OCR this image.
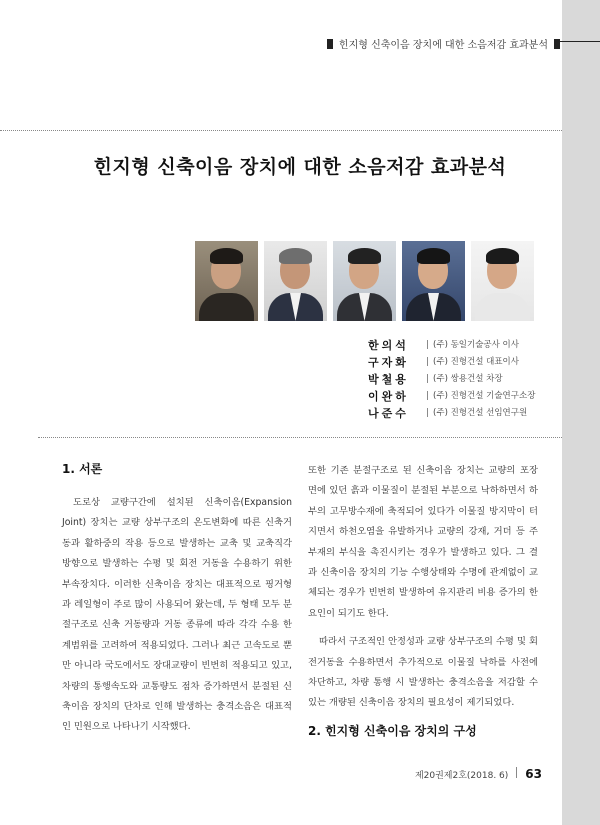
힌지형 신축이음 장치에 대한 소음저감 효과분석
힌지형 신축이음 장치에 대한 소음저감 효과분석
한의석	| (주) 동일기술공사 이사
구자화	| (주) 진형건설 대표이사
박철용	| (주) 쌍용건설 차장
이완하	| (주) 진형건설 기술연구소장
나준수	| (주) 진형건설 선임연구원
1. 서론

도로상 교량구간에 설치된 신축이음(Expansion Joint) 장치는 교량 상부구조의 온도변화에 따른 신축거동과 활하중의 작용 등으로 발생하는 교축 및 교축직각 방향으로 발생하는 수평 및 회전 거동을 수용하기 위한 부속장치다. 이러한 신축이음 장치는 대표적으로 핑거형과 레일형이 주로 많이 사용되어 왔는데, 두 형태 모두 분절구조로 신축 거동량과 거동 종류에 따라 각각 수용 한계범위를 고려하여 적용되었다. 그러나 최근 고속도로 뿐만 아니라 국도에서도 장대교량이 빈번히 적용되고 있고, 차량의 통행속도와 교통량도 점차 증가하면서 분절된 신축이음 장치의 단차로 인해 발생하는 충격소음은 대표적인 민원으로 나타나기 시작했다.

또한 기존 분절구조로 된 신축이음 장치는 교량의 포장 면에 있던 흙과 이물질이 분절된 부분으로 낙하하면서 하부의 고무방수재에 축적되어 있다가 이물질 방지막이 터지면서 하천오염을 유발하거나 교량의 강재, 거더 등 주부재의 부식을 촉진시키는 경우가 발생하고 있다. 그 결과 신축이음 장치의 기능 수행상태와 수명에 관계없이 교체되는 경우가 빈번히 발생하여 유지관리 비용 증가의 한 요인이 되기도 한다.

따라서 구조적인 안정성과 교량 상부구조의 수평 및 회전거동을 수용하면서 추가적으로 이물질 낙하를 사전에 차단하고, 차량 통행 시 발생하는 충격소음을 저감할 수 있는 개량된 신축이음 장치의 필요성이 제기되었다.

2. 힌지형 신축이음 장치의 구성
제20권제2호(2018. 6) 63
